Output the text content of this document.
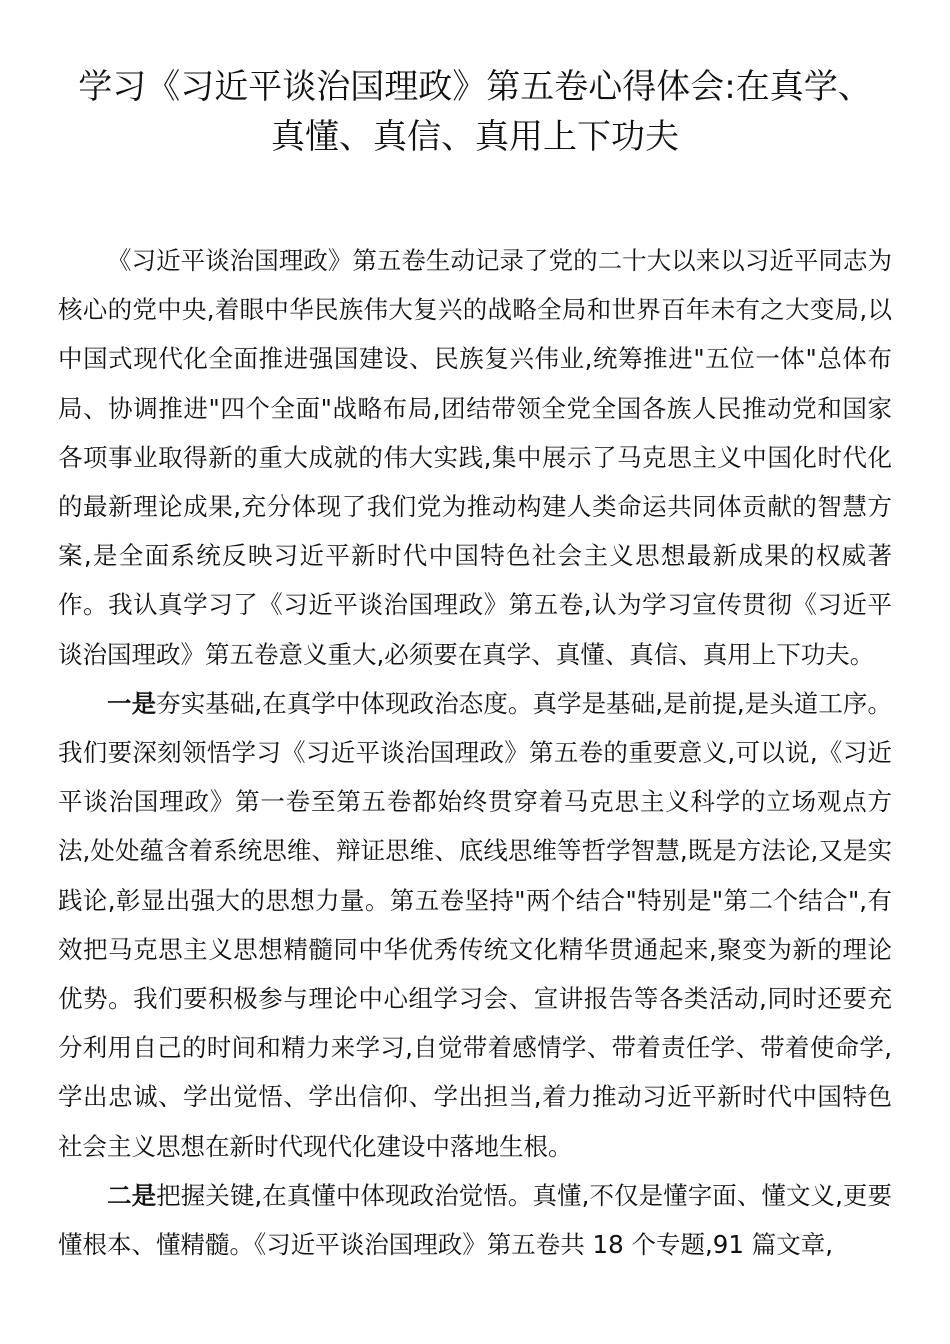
学习《习近平谈治国理政》第五卷心得体会:在真学、
真懂、真信、真用上下功夫

《习近平谈治国理政》第五卷生动记录了党的二十大以来以习近平同志为核心的党中央,着眼中华民族伟大复兴的战略全局和世界百年未有之大变局,以中国式现代化全面推进强国建设、民族复兴伟业,统筹推进"五位一体"总体布局、协调推进"四个全面"战略布局,团结带领全党全国各族人民推动党和国家各项事业取得新的重大成就的伟大实践,集中展示了马克思主义中国化时代化的最新理论成果,充分体现了我们党为推动构建人类命运共同体贡献的智慧方案,是全面系统反映习近平新时代中国特色社会主义思想最新成果的权威著作。我认真学习了《习近平谈治国理政》第五卷,认为学习宣传贯彻《习近平谈治国理政》第五卷意义重大,必须要在真学、真懂、真信、真用上下功夫。

一是夯实基础,在真学中体现政治态度。真学是基础,是前提,是头道工序。我们要深刻领悟学习《习近平谈治国理政》第五卷的重要意义,可以说,《习近平谈治国理政》第一卷至第五卷都始终贯穿着马克思主义科学的立场观点方法,处处蕴含着系统思维、辩证思维、底线思维等哲学智慧,既是方法论,又是实践论,彰显出强大的思想力量。第五卷坚持"两个结合"特别是"第二个结合",有效把马克思主义思想精髓同中华优秀传统文化精华贯通起来,聚变为新的理论优势。我们要积极参与理论中心组学习会、宣讲报告等各类活动,同时还要充分利用自己的时间和精力来学习,自觉带着感情学、带着责任学、带着使命学,学出忠诚、学出觉悟、学出信仰、学出担当,着力推动习近平新时代中国特色社会主义思想在新时代现代化建设中落地生根。

二是把握关键,在真懂中体现政治觉悟。真懂,不仅是懂字面、懂文义,更要懂根本、懂精髓。《习近平谈治国理政》第五卷共 18 个专题,91 篇文章,
